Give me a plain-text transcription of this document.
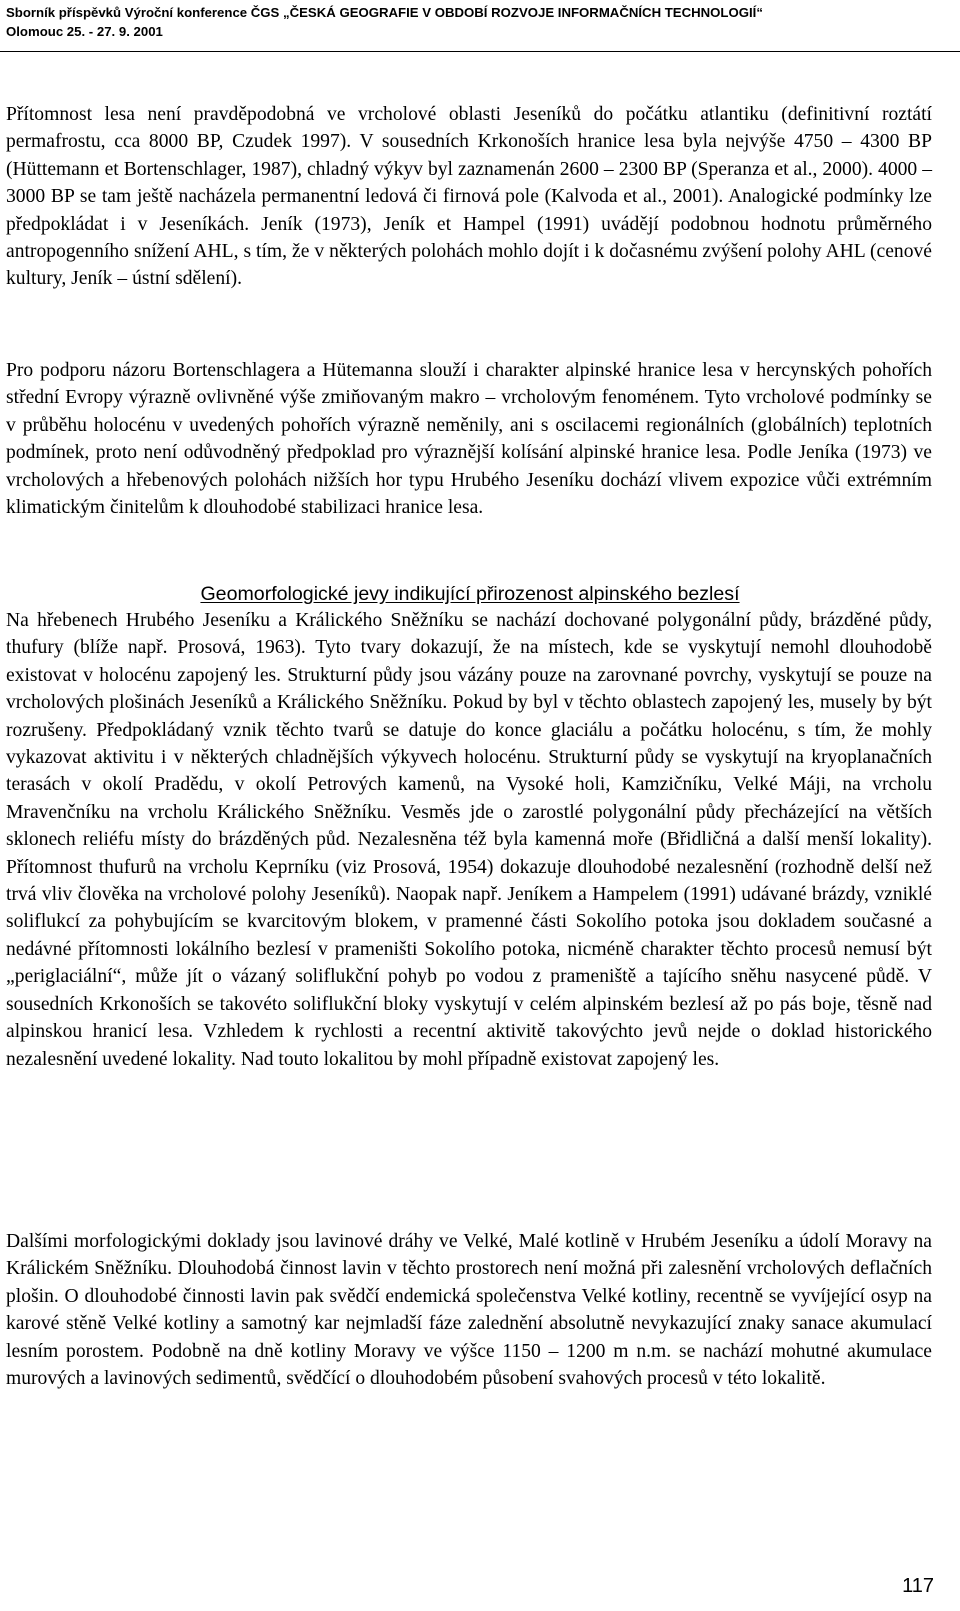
Sborník příspěvků Výroční konference ČGS „ČESKÁ GEOGRAFIE V OBDOBÍ ROZVOJE INFORMAČNÍCH TECHNOLOGIÍ“
Olomouc 25. - 27. 9. 2001

Přítomnost lesa není pravděpodobná ve vrcholové oblasti Jeseníků do počátku atlantiku (definitivní roztátí permafrostu, cca 8000 BP, Czudek 1997). V sousedních Krkonoších hranice lesa byla nejvýše 4750 – 4300 BP (Hüttemann et Bortenschlager, 1987), chladný výkyv byl zaznamenán 2600 – 2300 BP (Speranza et al., 2000). 4000 – 3000 BP se tam ještě nacházela permanentní ledová či firnová pole (Kalvoda et al., 2001). Analogické podmínky lze předpokládat i v Jeseníkách. Jeník (1973), Jeník et Hampel (1991) uvádějí podobnou hodnotu průměrného antropogenního snížení AHL, s tím, že v některých polohách mohlo dojít i k dočasnému zvýšení polohy AHL (cenové kultury, Jeník – ústní sdělení).

Pro podporu názoru Bortenschlagera a Hütemanna slouží i charakter alpinské hranice lesa v hercynských pohořích střední Evropy výrazně ovlivněné výše zmiňovaným makro – vrcholovým fenoménem. Tyto vrcholové podmínky se v průběhu holocénu v uvedených pohořích výrazně neměnily, ani s oscilacemi regionálních (globálních) teplotních podmínek, proto není odůvodněný předpoklad pro výraznější kolísání alpinské hranice lesa. Podle Jeníka (1973) ve vrcholových a hřebenových polohách nižších hor typu Hrubého Jeseníku dochází vlivem expozice vůči extrémním klimatickým činitelům k dlouhodobé stabilizaci hranice lesa.

Geomorfologické jevy indikující přirozenost alpinského bezlesí

Na hřebenech Hrubého Jeseníku a Králického Sněžníku se nachází dochované polygonální půdy, brázděné půdy, thufury (blíže např. Prosová, 1963). Tyto tvary dokazují, že na místech, kde se vyskytují nemohl dlouhodobě existovat v holocénu zapojený les. Strukturní půdy jsou vázány pouze na zarovnané povrchy, vyskytují se pouze na vrcholových plošinách Jeseníků a Králického Sněžníku. Pokud by byl v těchto oblastech zapojený les, musely by být rozrušeny. Předpokládaný vznik těchto tvarů se datuje do konce glaciálu a počátku holocénu, s tím, že mohly vykazovat aktivitu i v některých chladnějších výkyvech holocénu. Strukturní půdy se vyskytují na kryoplanačních terasách v okolí Pradědu, v okolí Petrových kamenů, na Vysoké holi, Kamzičníku, Velké Máji, na vrcholu Mravenčníku na vrcholu Králického Sněžníku. Vesměs jde o zarostlé polygonální půdy přecházející na větších sklonech reliéfu místy do brázděných půd. Nezalesněna též byla kamenná moře (Břidličná a další menší lokality). Přítomnost thufurů na vrcholu Keprníku (viz Prosová, 1954) dokazuje dlouhodobé nezalesnění (rozhodně delší než trvá vliv člověka na vrcholové polohy Jeseníků). Naopak např. Jeníkem a Hampelem (1991) udávané brázdy, vzniklé soliflukcí za pohybujícím se kvarcitovým blokem, v pramenné části Sokolího potoka jsou dokladem současné a nedávné přítomnosti lokálního bezlesí v prameništi Sokolího potoka, nicméně charakter těchto procesů nemusí být „periglaciální“, může jít o vázaný soliflukční pohyb po vodou z prameniště a tajícího sněhu nasycené půdě. V sousedních Krkonoších se takovéto soliflukční bloky vyskytují v celém alpinském bezlesí až po pás boje, těsně nad alpinskou hranicí lesa. Vzhledem k rychlosti a recentní aktivitě takovýchto jevů nejde o doklad historického nezalesnění uvedené lokality. Nad touto lokalitou by mohl případně existovat zapojený les.

Dalšími morfologickými doklady jsou lavinové dráhy ve Velké, Malé kotlině v Hrubém Jeseníku a údolí Moravy na Králickém Sněžníku. Dlouhodobá činnost lavin v těchto prostorech není možná při zalesnění vrcholových deflačních plošin. O dlouhodobé činnosti lavin pak svědčí endemická společenstva Velké kotliny, recentně se vyvíjející osyp na karové stěně Velké kotliny a samotný kar nejmladší fáze zalednění absolutně nevykazující znaky sanace akumulací lesním porostem. Podobně na dně kotliny Moravy ve výšce 1150 – 1200 m n.m. se nachází mohutné akumulace murových a lavinových sedimentů, svědčící o dlouhodobém působení svahových procesů v této lokalitě.

117
